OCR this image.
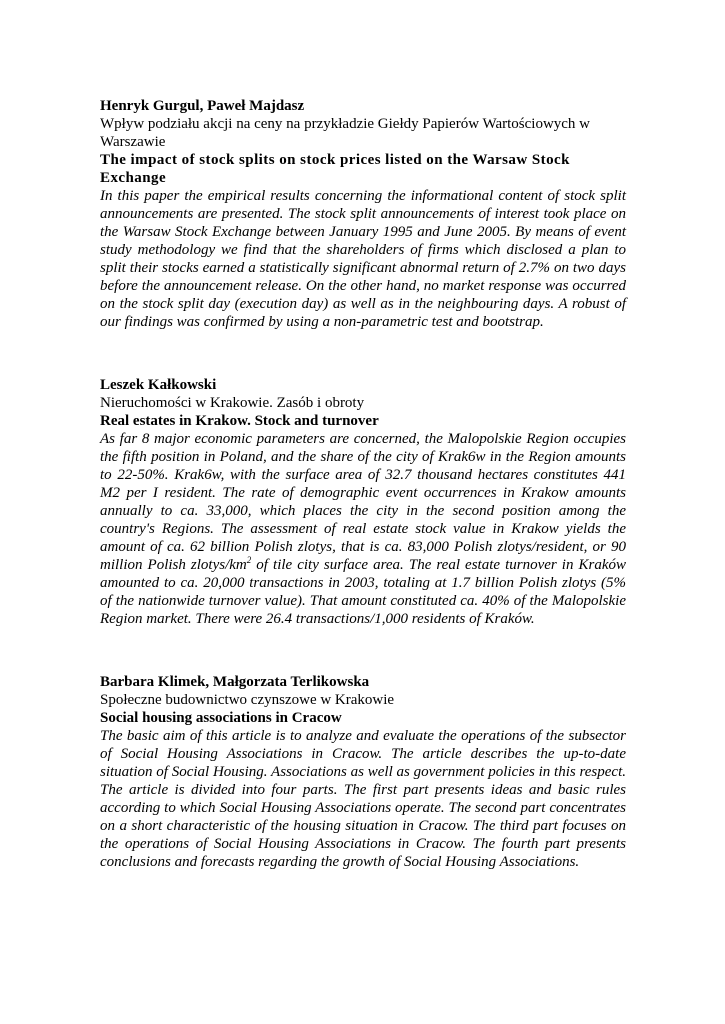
Henryk Gurgul, Paweł Majdasz
Wpływ podziału akcji na ceny na przykładzie Giełdy Papierów Wartościowych w Warszawie
The impact of stock splits on stock prices listed on the Warsaw Stock Exchange
In this paper the empirical results concerning the informational content of stock split announcements are presented. The stock split announcements of interest took place on the Warsaw Stock Exchange between January 1995 and June 2005. By means of event study methodology we find that the shareholders of firms which disclosed a plan to split their stocks earned a statistically significant abnormal return of 2.7% on two days before the announcement release. On the other hand, no market response was occurred on the stock split day (execution day) as well as in the neighbouring days. A robust of our findings was confirmed by using a non-parametric test and bootstrap.
Leszek Kałkowski
Nieruchomości w Krakowie. Zasób i obroty
Real estates in Krakow. Stock and turnover
As far 8 major economic parameters are concerned, the Malopolskie Region occupies the fifth position in Poland, and the share of the city of Krak6w in the Region amounts to 22-50%. Krak6w, with the surface area of 32.7 thousand hectares constitutes 441 M2 per I resident. The rate of demographic event occurrences in Krakow amounts annually to ca. 33,000, which places the city in the second position among the country's Regions. The assessment of real estate stock value in Krakow yields the amount of ca. 62 billion Polish zlotys, that is ca. 83,000 Polish zlotys/resident, or 90 million Polish zlotys/$km^2$ of tile city surface area. The real estate turnover in Kraków amounted to ca. 20,000 transactions in 2003, totaling at 1.7 billion Polish zlotys (5% of the nationwide turnover value). That amount constituted ca. 40% of the Malopolskie Region market. There were 26.4 transactions/1,000 residents of Kraków.
Barbara Klimek, Małgorzata Terlikowska
Społeczne budownictwo czynszowe w Krakowie
Social housing associations in Cracow
The basic aim of this article is to analyze and evaluate the operations of the subsector of Social Housing Associations in Cracow. The article describes the up-to-date situation of Social Housing. Associations as well as government policies in this respect. The article is divided into four parts. The first part presents ideas and basic rules according to which Social Housing Associations operate. The second part concentrates on a short characteristic of the housing situation in Cracow. The third part focuses on the operations of Social Housing Associations in Cracow. The fourth part presents conclusions and forecasts regarding the growth of Social Housing Associations.
